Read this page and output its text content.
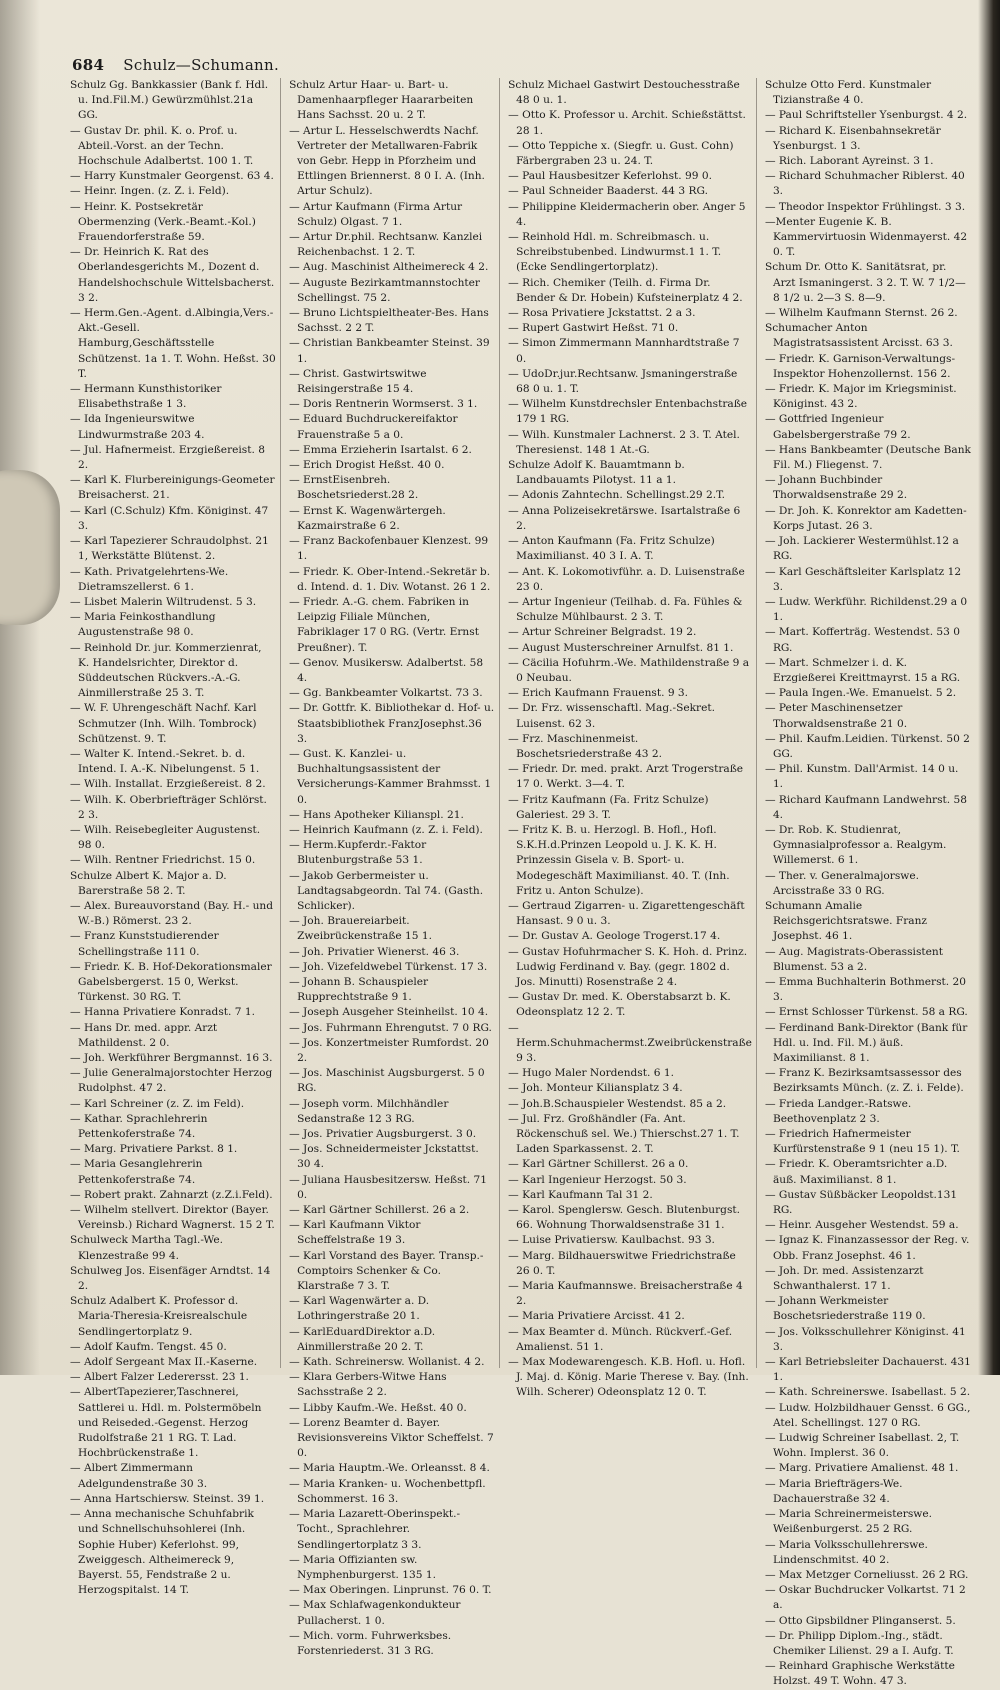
684 Schulz—Schumann.

Schulz Gg. Bankkassier (Bank f. Hdl. u. Ind.Fil.M.) Gewürzmühlst.21a GG.

— Gustav Dr. phil. K. o. Prof. u. Abteil.-Vorst. an der Techn. Hochschule Adalbertst. 100 1. T.

— Harry Kunstmaler Georgenst. 63 4.

— Heinr. Ingen. (z. Z. i. Feld).

— Heinr. K. Postsekretär Obermenzing (Verk.-Beamt.-Kol.) Frauendorferstraße 59.

— Dr. Heinrich K. Rat des Oberlandesgerichts M., Dozent d. Handelshochschule Wittelsbacherst. 3 2.

— Herm.Gen.-Agent. d.Albingia,Vers.-Akt.-Gesell. Hamburg,Geschäftsstelle Schützenst. 1a 1. T. Wohn. Heßst. 30 T.

— Hermann Kunsthistoriker Elisabethstraße 1 3.

— Ida Ingenieurswitwe Lindwurmstraße 203 4.

— Jul. Hafnermeist. Erzgießereist. 8 2.

— Karl K. Flurbereinigungs-Geometer Breisacherst. 21.

— Karl (C.Schulz) Kfm. Königinst. 47 3.

— Karl Tapezierer Schraudolphst. 21 1, Werkstätte Blütenst. 2.

— Kath. Privatgelehrtens-We. Dietramszellerst. 6 1.

— Lisbet Malerin Wiltrudenst. 5 3.

— Maria Feinkosthandlung Augustenstraße 98 0.

— Reinhold Dr. jur. Kommerzienrat, K. Handelsrichter, Direktor d. Süddeutschen Rückvers.-A.-G. Ainmillerstraße 25 3. T.

— W. F. Uhrengeschäft Nachf. Karl Schmutzer (Inh. Wilh. Tombrock) Schützenst. 9. T.

— Walter K. Intend.-Sekret. b. d. Intend. I. A.-K. Nibelungenst. 5 1.

— Wilh. Installat. Erzgießereist. 8 2.

— Wilh. K. Oberbriefträger Schlörst. 2 3.

— Wilh. Reisebegleiter Augustenst. 98 0.

— Wilh. Rentner Friedrichst. 15 0.

Schulze Albert K. Major a. D. Barerstraße 58 2. T.

— Alex. Bureauvorstand (Bay. H.- und W.-B.) Römerst. 23 2.

— Franz Kunststudierender Schellingstraße 111 0.

— Friedr. K. B. Hof-Dekorationsmaler Gabelsbergerst. 15 0, Werkst. Türkenst. 30 RG. T.

— Hanna Privatiere Konradst. 7 1.

— Hans Dr. med. appr. Arzt Mathildenst. 2 0.

— Joh. Werkführer Bergmannst. 16 3.

— Julie Generalmajorstochter Herzog Rudolphst. 47 2.

— Karl Schreiner (z. Z. im Feld).

— Kathar. Sprachlehrerin Pettenkoferstraße 74.

— Marg. Privatiere Parkst. 8 1.

— Maria Gesanglehrerin Pettenkoferstraße 74.

— Robert prakt. Zahnarzt (z.Z.i.Feld).

— Wilhelm stellvert. Direktor (Bayer. Vereinsb.) Richard Wagnerst. 15 2 T.

Schulweck Martha Tagl.-We. Klenzestraße 99 4.

Schulweg Jos. Eisenfäger Arndtst. 14 2.

Schulz Adalbert K. Professor d. Maria-Theresia-Kreisrealschule Sendlingertorplatz 9.

— Adolf Kaufm. Tengst. 45 0.

— Adolf Sergeant Max II.-Kaserne.

— Albert Falzer Lederersst. 23 1.

— AlbertTapezierer,Taschnerei, Sattlerei u. Hdl. m. Polstermöbeln und Reiseded.-Gegenst. Herzog Rudolfstraße 21 1 RG. T. Lad. Hochbrückenstraße 1.

— Albert Zimmermann Adelgundenstraße 30 3.

— Anna Hartschiersw. Steinst. 39 1.

— Anna mechanische Schuhfabrik und Schnellschuhsohlerei (Inh. Sophie Huber) Keferlohst. 99, Zweiggesch. Altheimereck 9, Bayerst. 55, Fendstraße 2 u. Herzogspitalst. 14 T.

Schulz Artur Haar- u. Bart- u. Damenhaarpfleger Haararbeiten Hans Sachsst. 20 u. 2 T.

— Artur L. Hesselschwerdts Nachf. Vertreter der Metallwaren-Fabrik von Gebr. Hepp in Pforzheim und Ettlingen Briennerst. 8 0 I. A. (Inh. Artur Schulz).

— Artur Kaufmann (Firma Artur Schulz) Olgast. 7 1.

— Artur Dr.phil. Rechtsanw. Kanzlei Reichenbachst. 1 2. T.

— Aug. Maschinist Altheimereck 4 2.

— Auguste Bezirkamtmannstochter Schellingst. 75 2.

— Bruno Lichtspieltheater-Bes. Hans Sachsst. 2 2 T.

— Christian Bankbeamter Steinst. 39 1.

— Christ. Gastwirtswitwe Reisingerstraße 15 4.

— Doris Rentnerin Wormserst. 3 1.

— Eduard Buchdruckereifaktor Frauenstraße 5 a 0.

— Emma Erzieherin Isartalst. 6 2.

— Erich Drogist Heßst. 40 0.

— ErnstEisenbreh. Boschetsriederst.28 2.

— Ernst K. Wagenwärtergeh. Kazmairstraße 6 2.

— Franz Backofenbauer Klenzest. 99 1.

— Friedr. K. Ober-Intend.-Sekretär b. d. Intend. d. 1. Div. Wotanst. 26 1 2.

— Friedr. A.-G. chem. Fabriken in Leipzig Filiale München, Fabriklager 17 0 RG. (Vertr. Ernst Preußner). T.

— Genov. Musikersw. Adalbertst. 58 4.

— Gg. Bankbeamter Volkartst. 73 3.

— Dr. Gottfr. K. Bibliothekar d. Hof- u. Staatsbibliothek FranzJosephst.36 3.

— Gust. K. Kanzlei- u. Buchhaltungsassistent der Versicherungs-Kammer Brahmsst. 1 0.

— Hans Apotheker Kilianspl. 21.

— Heinrich Kaufmann (z. Z. i. Feld).

— Herm.Kupferdr.-Faktor Blutenburgstraße 53 1.

— Jakob Gerbermeister u. Landtagsabgeordn. Tal 74. (Gasth. Schlicker).

— Joh. Brauereiarbeit. Zweibrückenstraße 15 1.

— Joh. Privatier Wienerst. 46 3.

— Joh. Vizefeldwebel Türkenst. 17 3.

— Johann B. Schauspieler Rupprechtstraße 9 1.

— Joseph Ausgeher Steinheilst. 10 4.

— Jos. Fuhrmann Ehrengutst. 7 0 RG.

— Jos. Konzertmeister Rumfordst. 20 2.

— Jos. Maschinist Augsburgerst. 5 0 RG.

— Joseph vorm. Milchhändler Sedanstraße 12 3 RG.

— Jos. Privatier Augsburgerst. 3 0.

— Jos. Schneidermeister Jckstattst. 30 4.

— Juliana Hausbesitzersw. Heßst. 71 0.

— Karl Gärtner Schillerst. 26 a 2.

— Karl Kaufmann Viktor Scheffelstraße 19 3.

— Karl Vorstand des Bayer. Transp.-Comptoirs Schenker & Co. Klarstraße 7 3. T.

— Karl Wagenwärter a. D. Lothringerstraße 20 1.

— KarlEduardDirektor a.D. Ainmillerstraße 20 2. T.

— Kath. Schreinersw. Wollanist. 4 2.

— Klara Gerbers-Witwe Hans Sachsstraße 2 2.

— Libby Kaufm.-We. Heßst. 40 0.

— Lorenz Beamter d. Bayer. Revisionsvereins Viktor Scheffelst. 7 0.

— Maria Hauptm.-We. Orleansst. 8 4.

— Maria Kranken- u. Wochenbettpfl. Schommerst. 16 3.

— Maria Lazarett-Oberinspekt.-Tocht., Sprachlehrer. Sendlingertorplatz 3 3.

— Maria Offizianten sw. Nymphenburgerst. 135 1.

— Max Oberingen. Linprunst. 76 0. T.

— Max Schlafwagenkondukteur Pullacherst. 1 0.

— Mich. vorm. Fuhrwerksbes. Forstenriederst. 31 3 RG.

Schulz Michael Gastwirt Destouchesstraße 48 0 u. 1.

— Otto K. Professor u. Archit. Schießstättst. 28 1.

— Otto Teppiche x. (Siegfr. u. Gust. Cohn) Färbergraben 23 u. 24. T.

— Paul Hausbesitzer Keferlohst. 99 0.

— Paul Schneider Baaderst. 44 3 RG.

— Philippine Kleidermacherin ober. Anger 5 4.

— Reinhold Hdl. m. Schreibmasch. u. Schreibstubenbed. Lindwurmst.1 1. T. (Ecke Sendlingertorplatz).

— Rich. Chemiker (Teilh. d. Firma Dr. Bender & Dr. Hobein) Kufsteinerplatz 4 2.

— Rosa Privatiere Jckstattst. 2 a 3.

— Rupert Gastwirt Heßst. 71 0.

— Simon Zimmermann Mannhardtstraße 7 0.

— UdoDr.jur.Rechtsanw. Jsmaningerstraße 68 0 u. 1. T.

— Wilhelm Kunstdrechsler Entenbachstraße 179 1 RG.

— Wilh. Kunstmaler Lachnerst. 2 3. T. Atel. Theresienst. 148 1 At.-G.

Schulze Adolf K. Bauamtmann b. Landbauamts Pilotyst. 11 a 1.

— Adonis Zahntechn. Schellingst.29 2.T.

— Anna Polizeisekretärswe. Isartalstraße 6 2.

— Anton Kaufmann (Fa. Fritz Schulze) Maximilianst. 40 3 I. A. T.

— Ant. K. Lokomotivführ. a. D. Luisenstraße 23 0.

— Artur Ingenieur (Teilhab. d. Fa. Fühles & Schulze Mühlbaurst. 2 3. T.

— Artur Schreiner Belgradst. 19 2.

— August Musterschreiner Arnulfst. 81 1.

— Cäcilia Hofuhrm.-We. Mathildenstraße 9 a 0 Neubau.

— Erich Kaufmann Frauenst. 9 3.

— Dr. Frz. wissenschaftl. Mag.-Sekret. Luisenst. 62 3.

— Frz. Maschinenmeist. Boschetsriederstraße 43 2.

— Friedr. Dr. med. prakt. Arzt Trogerstraße 17 0. Werkt. 3—4. T.

— Fritz Kaufmann (Fa. Fritz Schulze) Galeriest. 29 3. T.

— Fritz K. B. u. Herzogl. B. Hofl., Hofl. S.K.H.d.Prinzen Leopold u. J. K. K. H. Prinzessin Gisela v. B. Sport- u. Modegeschäft Maximilianst. 40. T. (Inh. Fritz u. Anton Schulze).

— Gertraud Zigarren- u. Zigarettengeschäft Hansast. 9 0 u. 3.

— Dr. Gustav A. Geologe Trogerst.17 4.

— Gustav Hofuhrmacher S. K. Hoh. d. Prinz. Ludwig Ferdinand v. Bay. (gegr. 1802 d. Jos. Minutti) Rosenstraße 2 4.

— Gustav Dr. med. K. Oberstabsarzt b. K. Odeonsplatz 12 2. T.

— Herm.Schuhmachermst.Zweibrückenstraße 9 3.

— Hugo Maler Nordendst. 6 1.

— Joh. Monteur Kiliansplatz 3 4.

— Joh.B.Schauspieler Westendst. 85 a 2.

— Jul. Frz. Großhändler (Fa. Ant. Röckenschuß sel. We.) Thierschst.27 1. T. Laden Sparkassenst. 2. T.

— Karl Gärtner Schillerst. 26 a 0.

— Karl Ingenieur Herzogst. 50 3.

— Karl Kaufmann Tal 31 2.

— Karol. Spenglersw. Gesch. Blutenburgst. 66. Wohnung Thorwaldsenstraße 31 1.

— Luise Privatiersw. Kaulbachst. 93 3.

— Marg. Bildhauerswitwe Friedrichstraße 26 0. T.

— Maria Kaufmannswe. Breisacherstraße 4 2.

— Maria Privatiere Arcisst. 41 2.

— Max Beamter d. Münch. Rückverf.-Gef. Amalienst. 51 1.

— Max Modewarengesch. K.B. Hofl. u. Hofl. J. Maj. d. König. Marie Therese v. Bay. (Inh. Wilh. Scherer) Odeonsplatz 12 0. T.

Schulze Otto Ferd. Kunstmaler Tizianstraße 4 0.

— Paul Schriftsteller Ysenburgst. 4 2.

— Richard K. Eisenbahnsekretär Ysenburgst. 1 3.

— Rich. Laborant Ayreinst. 3 1.

— Richard Schuhmacher Riblerst. 40 3.

— Theodor Inspektor Frühlingst. 3 3.

—Menter Eugenie K. B. Kammervirtuosin Widenmayerst. 42 0. T.

Schum Dr. Otto K. Sanitätsrat, pr. Arzt Ismaningerst. 3 2. T. W. 7 1/2—8 1/2 u. 2—3 S. 8—9.

— Wilhelm Kaufmann Sternst. 26 2.

Schumacher Anton Magistratsassistent Arcisst. 63 3.

— Friedr. K. Garnison-Verwaltungs-Inspektor Hohenzollernst. 156 2.

— Friedr. K. Major im Kriegsminist. Königinst. 43 2.

— Gottfried Ingenieur Gabelsbergerstraße 79 2.

— Hans Bankbeamter (Deutsche Bank Fil. M.) Fliegenst. 7.

— Johann Buchbinder Thorwaldsenstraße 29 2.

— Dr. Joh. K. Konrektor am Kadetten-Korps Jutast. 26 3.

— Joh. Lackierer Westermühlst.12 a RG.

— Karl Geschäftsleiter Karlsplatz 12 3.

— Ludw. Werkführ. Richildenst.29 a 0 1.

— Mart. Kofferträg. Westendst. 53 0 RG.

— Mart. Schmelzer i. d. K. Erzgießerei Kreittmayrst. 15 a RG.

— Paula Ingen.-We. Emanuelst. 5 2.

— Peter Maschinensetzer Thorwaldsenstraße 21 0.

— Phil. Kaufm.Leidien. Türkenst. 50 2 GG.

— Phil. Kunstm. Dall'Armist. 14 0 u. 1.

— Richard Kaufmann Landwehrst. 58 4.

— Dr. Rob. K. Studienrat, Gymnasialprofessor a. Realgym. Willemerst. 6 1.

— Ther. v. Generalmajorswe. Arcisstraße 33 0 RG.

Schumann Amalie Reichsgerichtsratswe. Franz Josephst. 46 1.

— Aug. Magistrats-Oberassistent Blumenst. 53 a 2.

— Emma Buchhalterin Bothmerst. 20 3.

— Ernst Schlosser Türkenst. 58 a RG.

— Ferdinand Bank-Direktor (Bank für Hdl. u. Ind. Fil. M.) äuß. Maximilianst. 8 1.

— Franz K. Bezirksamtsassessor des Bezirksamts Münch. (z. Z. i. Felde).

— Frieda Landger.-Ratswe. Beethovenplatz 2 3.

— Friedrich Hafnermeister Kurfürstenstraße 9 1 (neu 15 1). T.

— Friedr. K. Oberamtsrichter a.D. äuß. Maximilianst. 8 1.

— Gustav Süßbäcker Leopoldst.131 RG.

— Heinr. Ausgeher Westendst. 59 a.

— Ignaz K. Finanzassessor der Reg. v. Obb. Franz Josephst. 46 1.

— Joh. Dr. med. Assistenzarzt Schwanthalerst. 17 1.

— Johann Werkmeister Boschetsriederstraße 119 0.

— Jos. Volksschullehrer Königinst. 41 3.

— Karl Betriebsleiter Dachauerst. 431 1.

— Kath. Schreinerswe. Isabellast. 5 2.

— Ludw. Holzbildhauer Gensst. 6 GG., Atel. Schellingst. 127 0 RG.

— Ludwig Schreiner Isabellast. 2, T. Wohn. Implerst. 36 0.

— Marg. Privatiere Amalienst. 48 1.

— Maria Briefträgers-We. Dachauerstraße 32 4.

— Maria Schreinermeisterswe. Weißenburgerst. 25 2 RG.

— Maria Volksschullehrerswe. Lindenschmitst. 40 2.

— Max Metzger Corneliusst. 26 2 RG.

— Oskar Buchdrucker Volkartst. 71 2 a.

— Otto Gipsbildner Plinganserst. 5.

— Dr. Philipp Diplom.-Ing., städt. Chemiker Lilienst. 29 a I. Aufg. T.

— Reinhard Graphische Werkstätte Holzst. 49 T. Wohn. 47 3.
